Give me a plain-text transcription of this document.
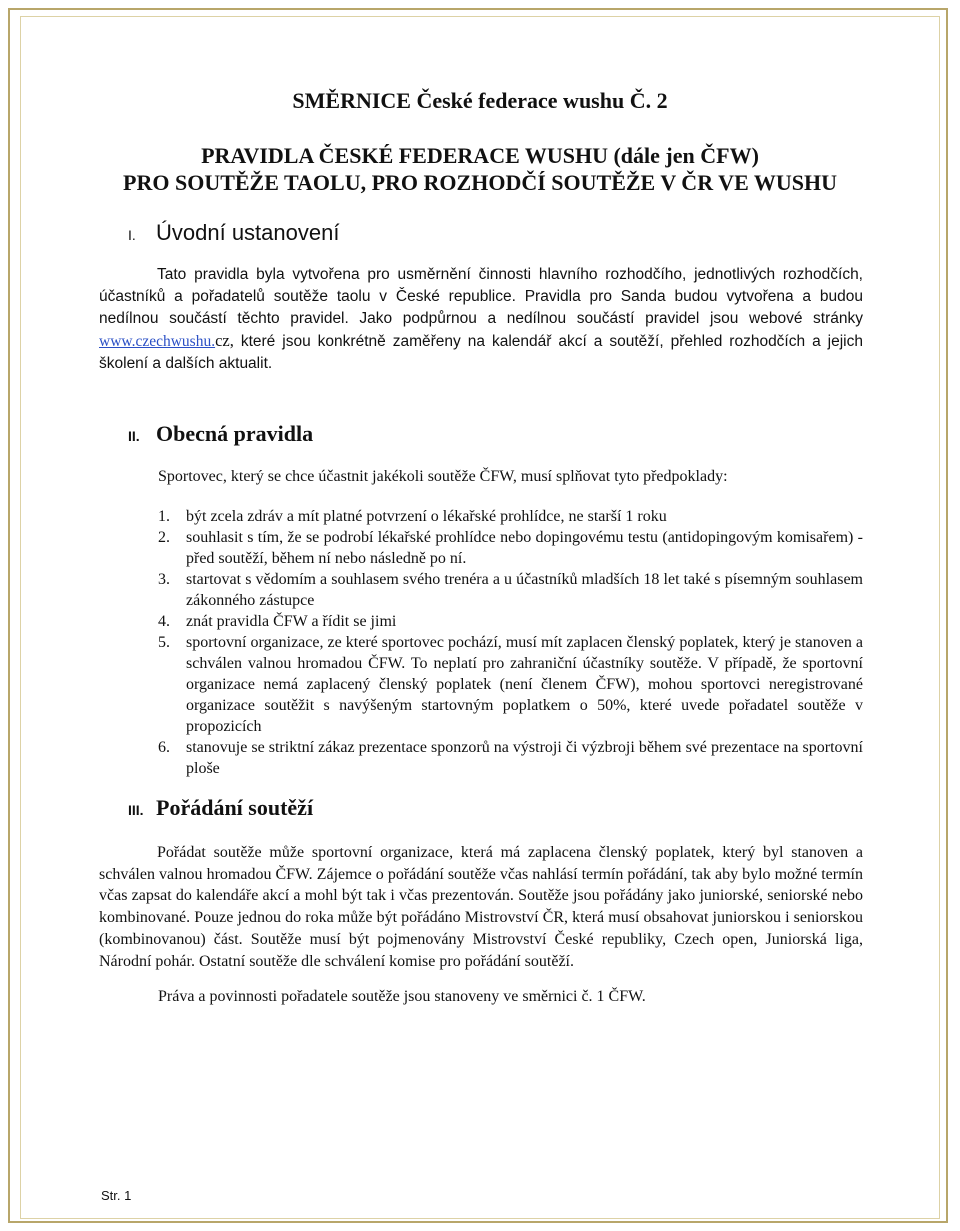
SMĚRNICE České federace wushu Č. 2
PRAVIDLA ČESKÉ FEDERACE WUSHU (dále jen ČFW)
PRO SOUTĚŽE TAOLU, PRO ROZHODČÍ SOUTĚŽE V ČR VE WUSHU
I. Úvodní ustanovení

Tato pravidla byla vytvořena pro usměrnění činnosti hlavního rozhodčího, jednotlivých rozhodčích, účastníků a pořadatelů soutěže taolu v České republice. Pravidla pro Sanda budou vytvořena a budou nedílnou součástí těchto pravidel. Jako podpůrnou a nedílnou součástí pravidel jsou webové stránky www.czechwushu.cz, které jsou konkrétně zaměřeny na kalendář akcí a soutěží, přehled rozhodčích a jejich školení a dalších aktualit.

II. Obecná pravidla

Sportovec, který se chce účastnit jakékoli soutěže ČFW, musí splňovat tyto předpoklady:

1.	být zcela zdráv a mít platné potvrzení o lékařské prohlídce, ne starší 1 roku
2.	souhlasit s tím, že se podrobí lékařské prohlídce nebo dopingovému testu (antidopingovým komisařem) - před soutěží, během ní nebo následně po ní.
3.	startovat s vědomím a souhlasem svého trenéra a u účastníků mladších 18 let také s písemným souhlasem zákonného zástupce
4.	znát pravidla ČFW a řídit se jimi
5.	sportovní organizace, ze které sportovec pochází, musí mít zaplacen členský poplatek, který je stanoven a schválen valnou hromadou ČFW. To neplatí pro zahraniční účastníky soutěže. V případě, že sportovní organizace nemá zaplacený členský poplatek (není členem ČFW), mohou sportovci neregistrované organizace soutěžit s navýšeným startovným poplatkem o 50%, které uvede pořadatel soutěže v propozicích
6.	stanovuje se striktní zákaz prezentace sponzorů na výstroji či výzbroji během své prezentace na sportovní ploše
III. Pořádání soutěží

Pořádat soutěže může sportovní organizace, která má zaplacena členský poplatek, který byl stanoven a schválen valnou hromadou ČFW. Zájemce o pořádání soutěže včas nahlásí termín pořádání, tak aby bylo možné termín včas zapsat do kalendáře akcí a mohl být tak i včas prezentován. Soutěže jsou pořádány jako juniorské, seniorské nebo kombinované. Pouze jednou do roka může být pořádáno Mistrovství ČR, která musí obsahovat juniorskou i seniorskou (kombinovanou) část. Soutěže musí být pojmenovány Mistrovství České republiky, Czech open, Juniorská liga, Národní pohár. Ostatní soutěže dle schválení komise pro pořádání soutěží.

Práva a povinnosti pořadatele soutěže jsou stanoveny ve směrnici č. 1 ČFW.

Str. 1
